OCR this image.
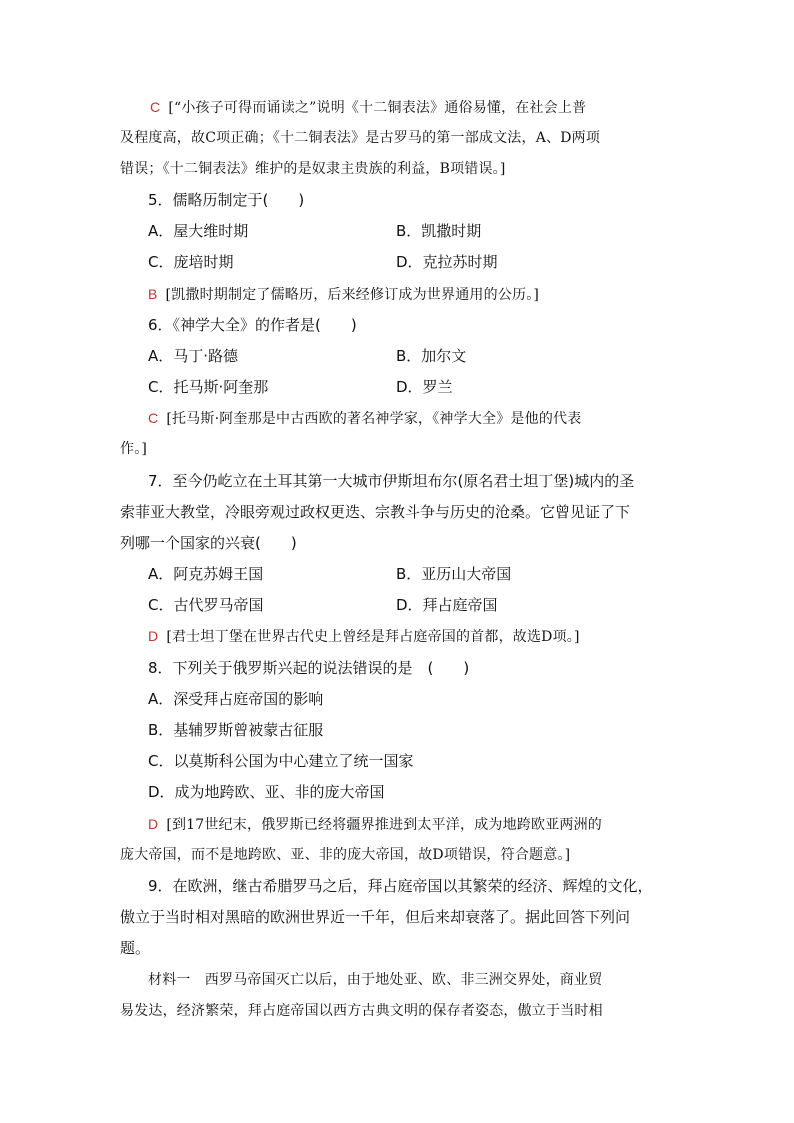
C [“小孩子可得而诵读之”说明《十二铜表法》通俗易懂，在社会上普
及程度高，故C项正确；《十二铜表法》是古罗马的第一部成文法，A、D两项
错误；《十二铜表法》维护的是奴隶主贵族的利益，B项错误。]
5．儒略历制定于(　　)
A．屋大维时期	B．凯撒时期
C．庞培时期	D．克拉苏时期
B [凯撒时期制定了儒略历，后来经修订成为世界通用的公历。]
6．《神学大全》的作者是(　　)
A．马丁·路德	B．加尔文
C．托马斯·阿奎那	D．罗兰
C [托马斯·阿奎那是中古西欧的著名神学家，《神学大全》是他的代表
作。]
7．至今仍屹立在土耳其第一大城市伊斯坦布尔(原名君士坦丁堡)城内的圣
索菲亚大教堂，冷眼旁观过政权更迭、宗教斗争与历史的沧桑。它曾见证了下
列哪一个国家的兴衰(　　)
A．阿克苏姆王国	B．亚历山大帝国
C．古代罗马帝国	D．拜占庭帝国
D [君士坦丁堡在世界古代史上曾经是拜占庭帝国的首都，故选D项。]
8．下列关于俄罗斯兴起的说法错误的是　(　　)
A．深受拜占庭帝国的影响
B．基辅罗斯曾被蒙古征服
C．以莫斯科公国为中心建立了统一国家
D．成为地跨欧、亚、非的庞大帝国
D [到17世纪末，俄罗斯已经将疆界推进到太平洋，成为地跨欧亚两洲的
庞大帝国，而不是地跨欧、亚、非的庞大帝国，故D项错误，符合题意。]
9．在欧洲，继古希腊罗马之后，拜占庭帝国以其繁荣的经济、辉煌的文化，
傲立于当时相对黑暗的欧洲世界近一千年，但后来却衰落了。据此回答下列问
题。
材料一　西罗马帝国灭亡以后，由于地处亚、欧、非三洲交界处，商业贸
易发达，经济繁荣，拜占庭帝国以西方古典文明的保存者姿态，傲立于当时相
